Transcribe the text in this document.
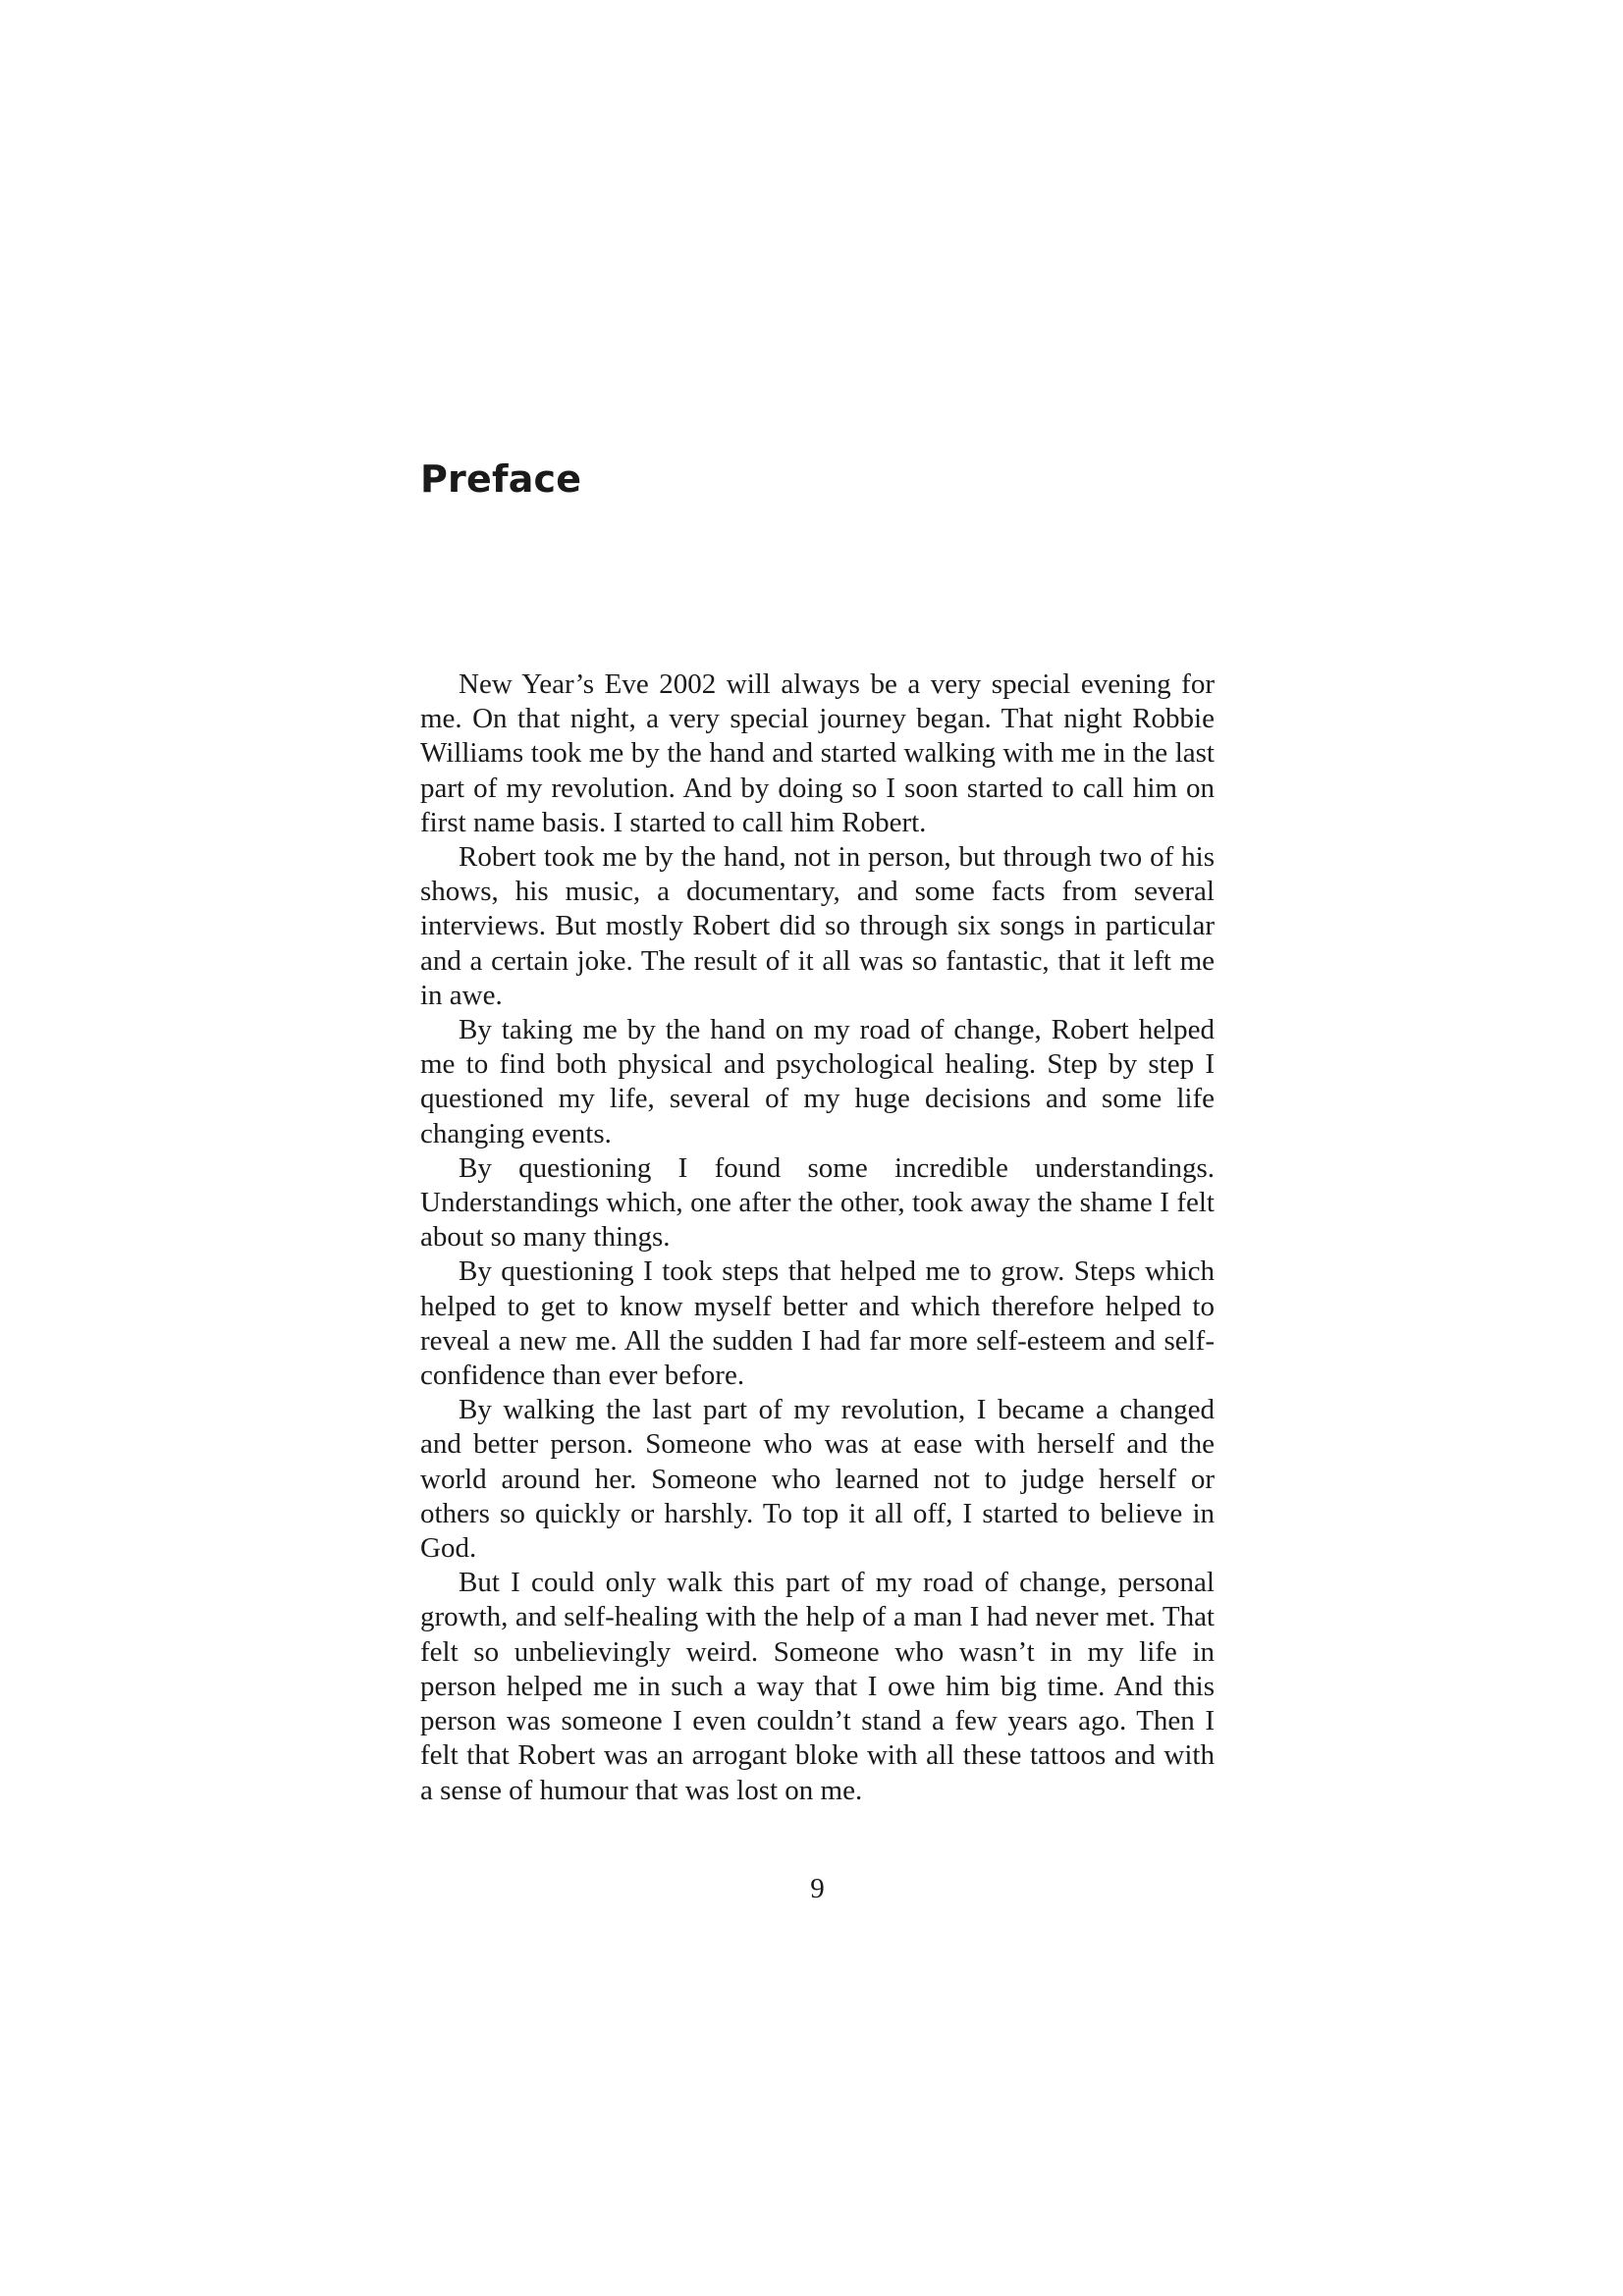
Preface

New Year’s Eve 2002 will always be a very special evening for me. On that night, a very special journey began. That night Robbie Williams took me by the hand and started walking with me in the last part of my revolution. And by doing so I soon started to call him on first name basis. I started to call him Robert.

Robert took me by the hand, not in person, but through two of his shows, his music, a documentary, and some facts from several interviews. But mostly Robert did so through six songs in particular and a certain joke. The result of it all was so fantastic, that it left me in awe.

By taking me by the hand on my road of change, Robert helped me to find both physical and psychological healing. Step by step I questioned my life, several of my huge decisions and some life changing events.

By questioning I found some incredible understandings. Understandings which, one after the other, took away the shame I felt about so many things.

By questioning I took steps that helped me to grow. Steps which helped to get to know myself better and which therefore helped to reveal a new me. All the sudden I had far more self-esteem and self-confidence than ever before.

By walking the last part of my revolution, I became a changed and better person. Someone who was at ease with herself and the world around her. Someone who learned not to judge herself or others so quickly or harshly. To top it all off, I started to believe in God.

But I could only walk this part of my road of change, personal growth, and self-healing with the help of a man I had never met. That felt so unbelievingly weird. Someone who wasn’t in my life in person helped me in such a way that I owe him big time. And this person was someone I even couldn’t stand a few years ago. Then I felt that Robert was an arrogant bloke with all these tattoos and with a sense of humour that was lost on me.

9
